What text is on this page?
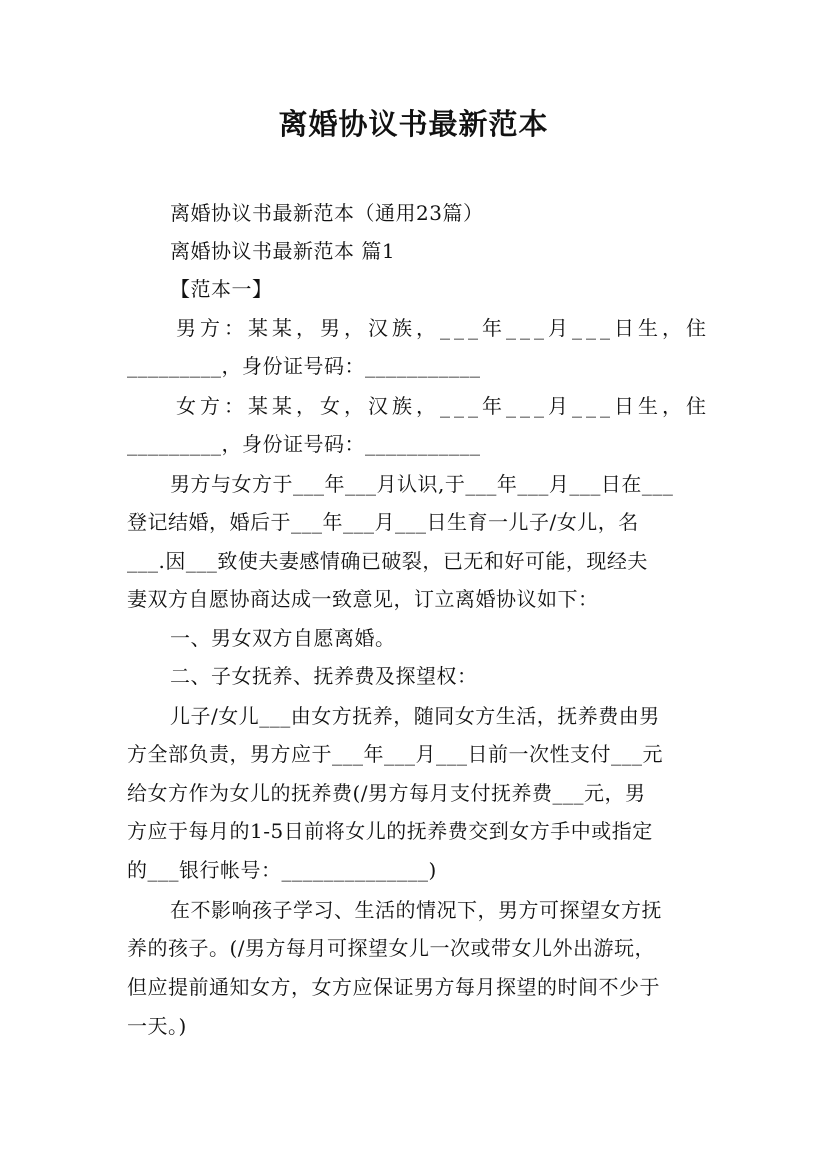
离婚协议书最新范本
离婚协议书最新范本（通用23篇）
离婚协议书最新范本 篇1
【范本一】
男方：某某，男，汉族，___年___月___日生，住
_________，身份证号码：___________
女方：某某，女，汉族，___年___月___日生，住
_________，身份证号码：___________
男方与女方于___年___月认识,于___年___月___日在___
登记结婚，婚后于___年___月___日生育一儿子/女儿，名
___.因___致使夫妻感情确已破裂，已无和好可能，现经夫
妻双方自愿协商达成一致意见，订立离婚协议如下：
一、男女双方自愿离婚。
二、子女抚养、抚养费及探望权：
儿子/女儿___由女方抚养，随同女方生活，抚养费由男
方全部负责，男方应于___年___月___日前一次性支付___元
给女方作为女儿的抚养费(/男方每月支付抚养费___元，男
方应于每月的1-5日前将女儿的抚养费交到女方手中或指定
的___银行帐号：______________)
在不影响孩子学习、生活的情况下，男方可探望女方抚
养的孩子。(/男方每月可探望女儿一次或带女儿外出游玩，
但应提前通知女方，女方应保证男方每月探望的时间不少于
一天。)
